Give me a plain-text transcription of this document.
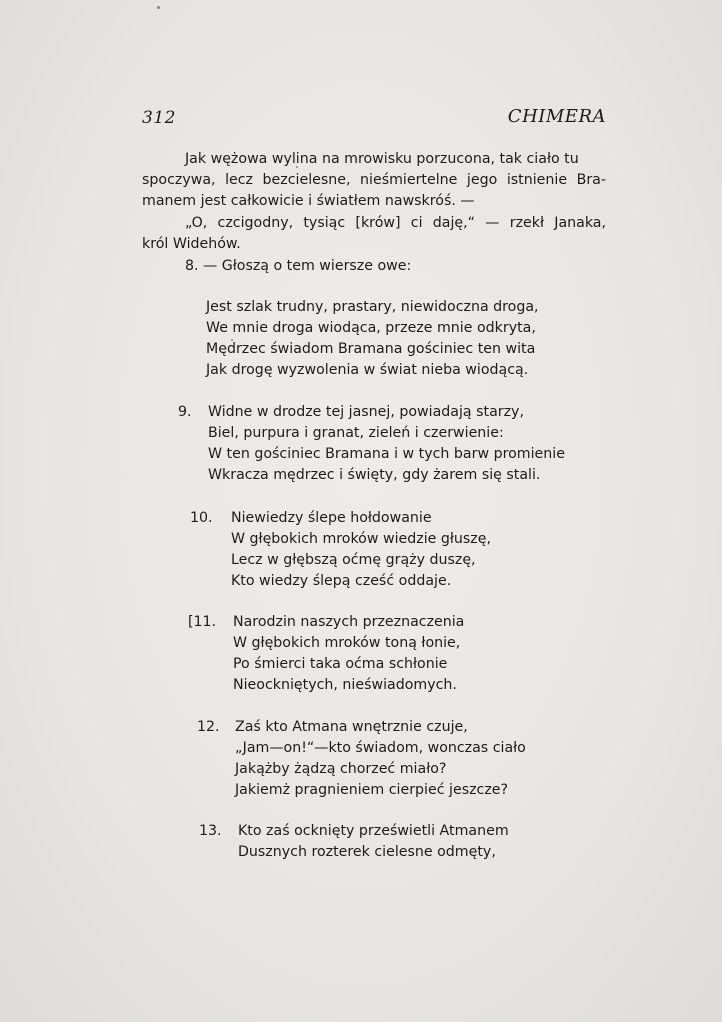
312	CHIMERA
Jak wężowa wylina na mrowisku porzucona, tak ciało tu
spoczywa, lecz bezcielesne, nieśmiertelne jego istnienie Bra-
manem jest całkowicie i światłem nawskróś. —
„O, czcigodny, tysiąc [krów] ci daję,“ — rzekł Janaka,
król Widehów.
8. — Głoszą o tem wiersze owe:
Jest szlak trudny, prastary, niewidoczna droga,
We mnie droga wiodąca, przeze mnie odkryta,
Mędrzec świadom Bramana gościniec ten wita
Jak drogę wyzwolenia w świat nieba wiodącą.
9. Widne w drodze tej jasnej, powiadają starzy,
Biel, purpura i granat, zieleń i czerwienie:
W ten gościniec Bramana i w tych barw promienie
Wkracza mędrzec i święty, gdy żarem się stali.
10. Niewiedzy ślepe hołdowanie
W głębokich mroków wiedzie głuszę,
Lecz w głębszą oćmę grąży duszę,
Kto wiedzy ślepą cześć oddaje.
[11. Narodzin naszych przeznaczenia
W głębokich mroków toną łonie,
Po śmierci taka oćma schłonie
Nieockniętych, nieświadomych.
12. Zaś kto Atmana wnętrznie czuje,
„Jam—on!“—kto świadom, wonczas ciało
Jakążby żądzą chorzeć miało?
Jakiemż pragnieniem cierpieć jeszcze?
13. Kto zaś ocknięty prześwietli Atmanem
Dusznych rozterek cielesne odmęty,
